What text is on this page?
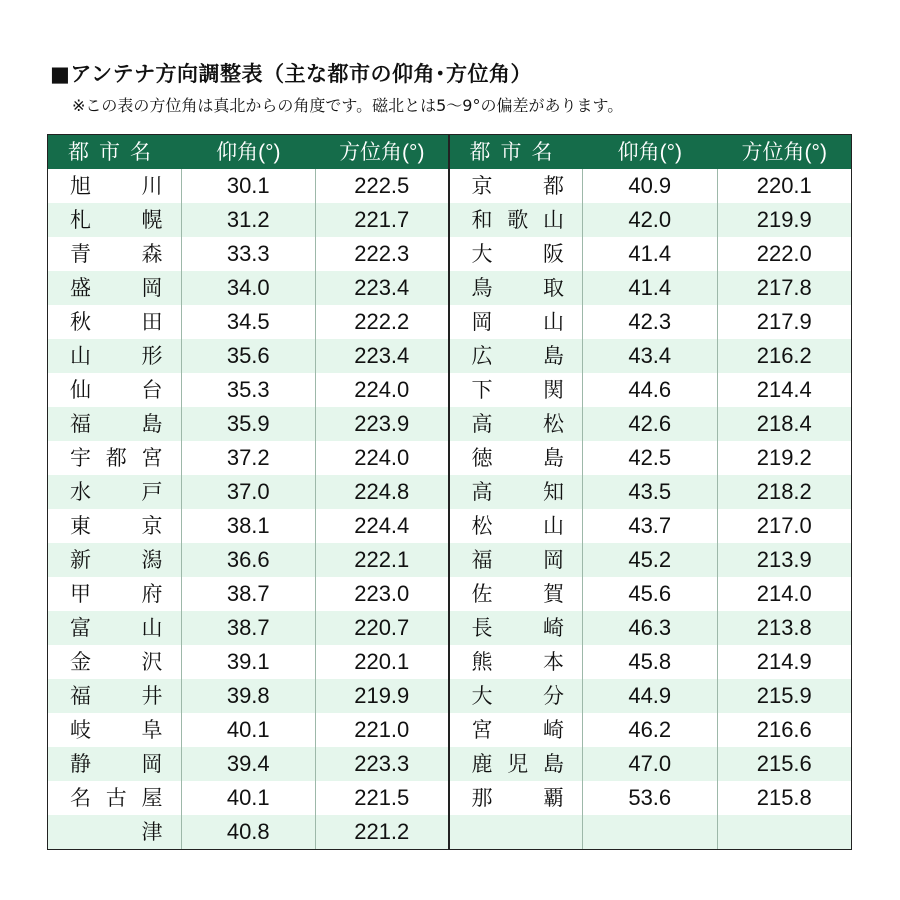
■アンテナ方向調整表（主な都市の仰角･方位角）
※この表の方位角は真北からの角度です。磁北とは5～9°の偏差があります。
都市名	仰角(°)	方位角(°)	都市名	仰角(°)	方位角(°)
旭 川	30.1	222.5	京 都	40.9	220.1
札 幌	31.2	221.7	和 歌 山	42.0	219.9
青 森	33.3	222.3	大 阪	41.4	222.0
盛 岡	34.0	223.4	鳥 取	41.4	217.8
秋 田	34.5	222.2	岡 山	42.3	217.9
山 形	35.6	223.4	広 島	43.4	216.2
仙 台	35.3	224.0	下 関	44.6	214.4
福 島	35.9	223.9	高 松	42.6	218.4
宇 都 宮	37.2	224.0	徳 島	42.5	219.2
水 戸	37.0	224.8	高 知	43.5	218.2
東 京	38.1	224.4	松 山	43.7	217.0
新 潟	36.6	222.1	福 岡	45.2	213.9
甲 府	38.7	223.0	佐 賀	45.6	214.0
富 山	38.7	220.7	長 崎	46.3	213.8
金 沢	39.1	220.1	熊 本	45.8	214.9
福 井	39.8	219.9	大 分	44.9	215.9
岐 阜	40.1	221.0	宮 崎	46.2	216.6
静 岡	39.4	223.3	鹿 児 島	47.0	215.6
名 古 屋	40.1	221.5	那 覇	53.6	215.8
津	40.8	221.2
